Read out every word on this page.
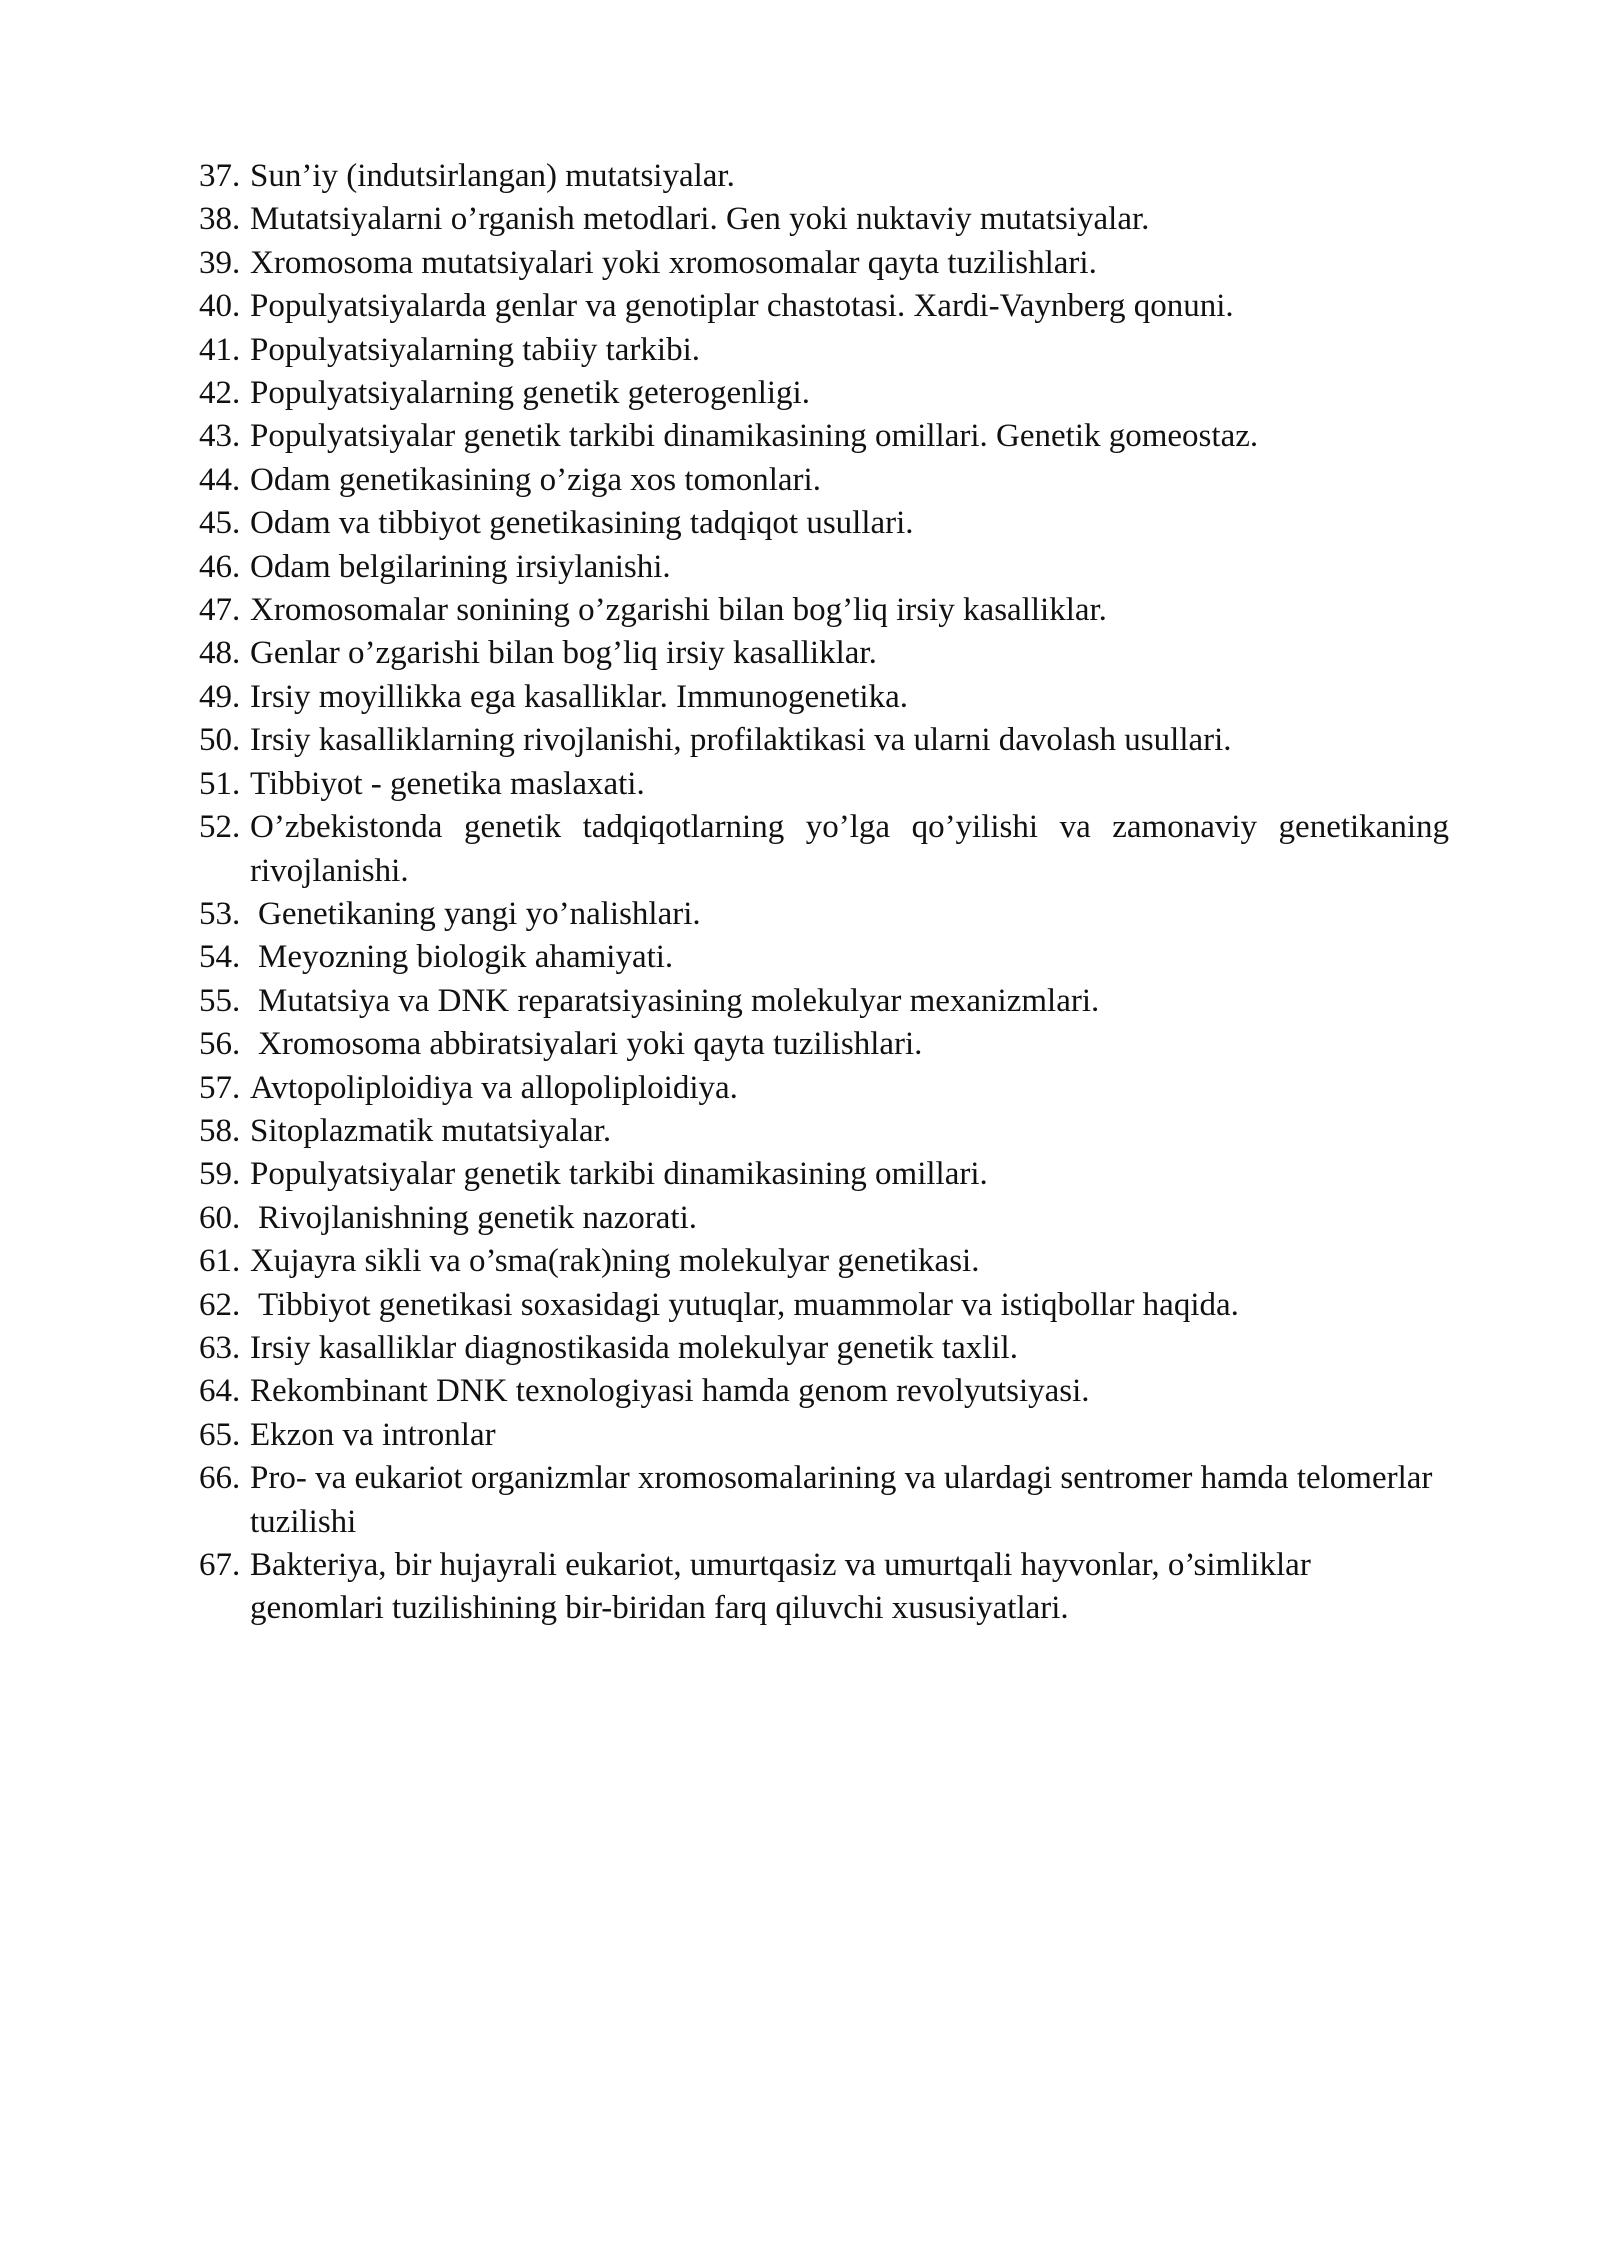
37. Sun’iy (indutsirlangan) mutatsiyalar.
38. Mutatsiyalarni o’rganish metodlari. Gen yoki nuktaviy mutatsiyalar.
39. Xromosoma mutatsiyalari yoki xromosomalar qayta tuzilishlari.
40. Populyatsiyalarda genlar va genotiplar chastotasi. Xardi-Vaynberg qonuni.
41. Populyatsiyalarning tabiiy tarkibi.
42. Populyatsiyalarning genetik geterogenligi.
43. Populyatsiyalar genetik tarkibi dinamikasining omillari. Genetik gomeostaz.
44. Odam genetikasining o’ziga xos tomonlari.
45. Odam va tibbiyot genetikasining tadqiqot usullari.
46. Odam belgilarining irsiylanishi.
47. Xromosomalar sonining o’zgarishi bilan bog’liq irsiy kasalliklar.
48. Genlar o’zgarishi bilan bog’liq irsiy kasalliklar.
49. Irsiy moyillikka ega kasalliklar. Immunogenetika.
50. Irsiy kasalliklarning rivojlanishi, profilaktikasi va ularni davolash usullari.
51. Tibbiyot - genetika maslaxati.
52. O’zbekistonda genetik tadqiqotlarning yo’lga qo’yilishi va zamonaviy genetikaning rivojlanishi.
53. Genetikaning yangi yo’nalishlari.
54. Meyozning biologik ahamiyati.
55. Mutatsiya va DNK reparatsiyasining molekulyar mexanizmlari.
56. Xromosoma abbiratsiyalari yoki qayta tuzilishlari.
57. Avtopoliploidiya va allopoliploidiya.
58. Sitoplazmatik mutatsiyalar.
59. Populyatsiyalar genetik tarkibi dinamikasining omillari.
60. Rivojlanishning genetik nazorati.
61. Xujayra sikli va o’sma(rak)ning molekulyar genetikasi.
62. Tibbiyot genetikasi soxasidagi yutuqlar, muammolar va istiqbollar haqida.
63. Irsiy kasalliklar diagnostikasida molekulyar genetik taxlil.
64. Rekombinant DNK texnologiyasi hamda genom revolyutsiyasi.
65. Ekzon va intronlar
66. Pro- va eukariot organizmlar xromosomalarining va ulardagi sentromer hamda telomerlar tuzilishi
67. Bakteriya, bir hujayrali eukariot, umurtqasiz va umurtqali hayvonlar, o’simliklar genomlari tuzilishining bir-biridan farq qiluvchi xususiyatlari.
